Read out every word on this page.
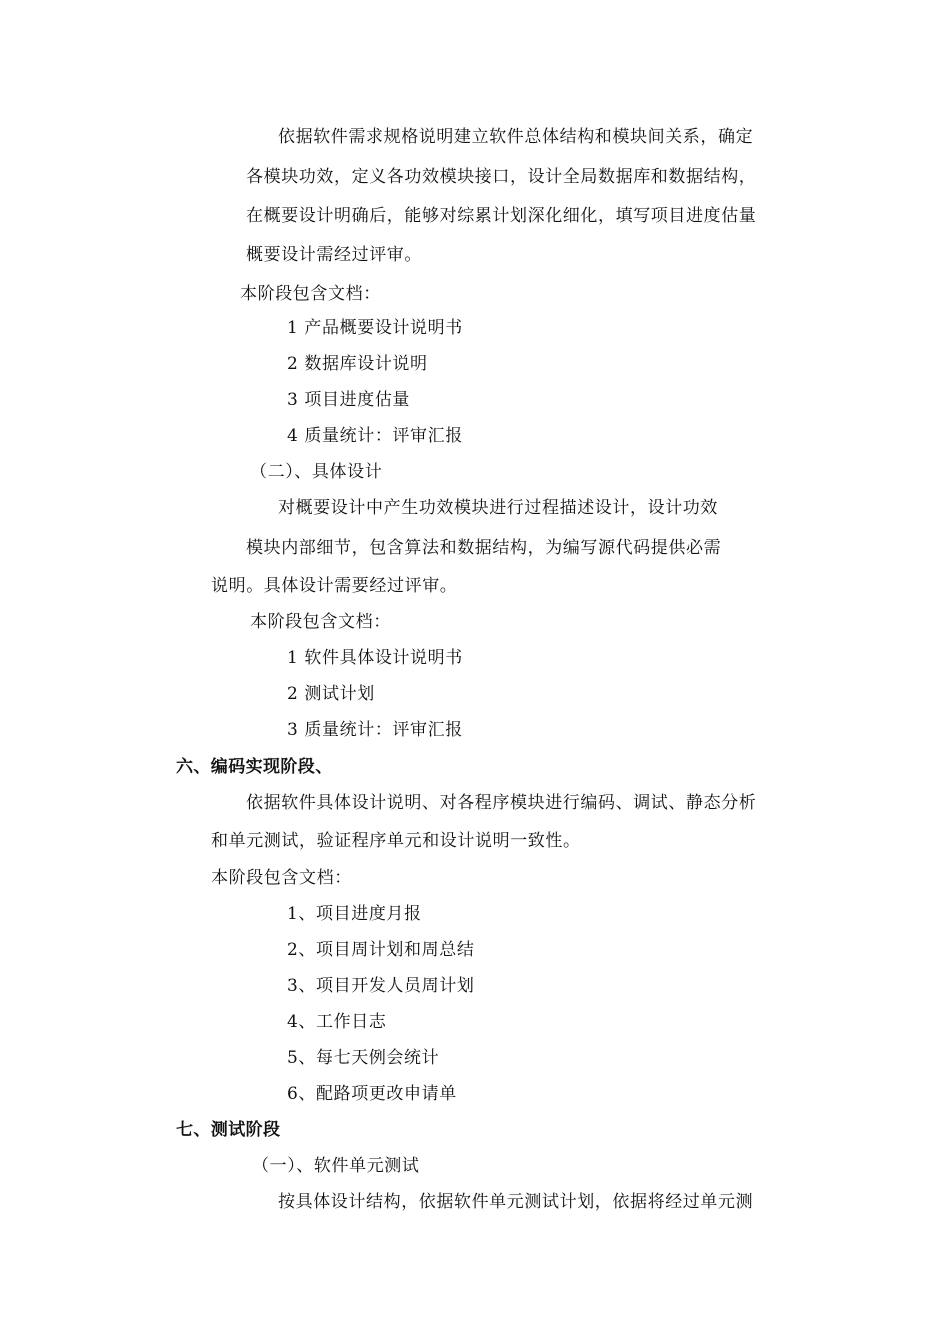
依据软件需求规格说明建立软件总体结构和模块间关系，确定
各模块功效，定义各功效模块接口，设计全局数据库和数据结构，
在概要设计明确后，能够对综累计划深化细化，填写项目进度估量
概要设计需经过评审。
本阶段包含文档：
1 产品概要设计说明书
2 数据库设计说明
3 项目进度估量
4 质量统计：评审汇报
（二）、具体设计
对概要设计中产生功效模块进行过程描述设计，设计功效
模块内部细节，包含算法和数据结构，为编写源代码提供必需
说明。具体设计需要经过评审。
本阶段包含文档：
1 软件具体设计说明书
2 测试计划
3 质量统计：评审汇报
六、编码实现阶段、
依据软件具体设计说明、对各程序模块进行编码、调试、静态分析
和单元测试，验证程序单元和设计说明一致性。
本阶段包含文档：
1、项目进度月报
2、项目周计划和周总结
3、项目开发人员周计划
4、工作日志
5、每七天例会统计
6、配路项更改申请单
七、测试阶段
（一）、软件单元测试
按具体设计结构，依据软件单元测试计划，依据将经过单元测
